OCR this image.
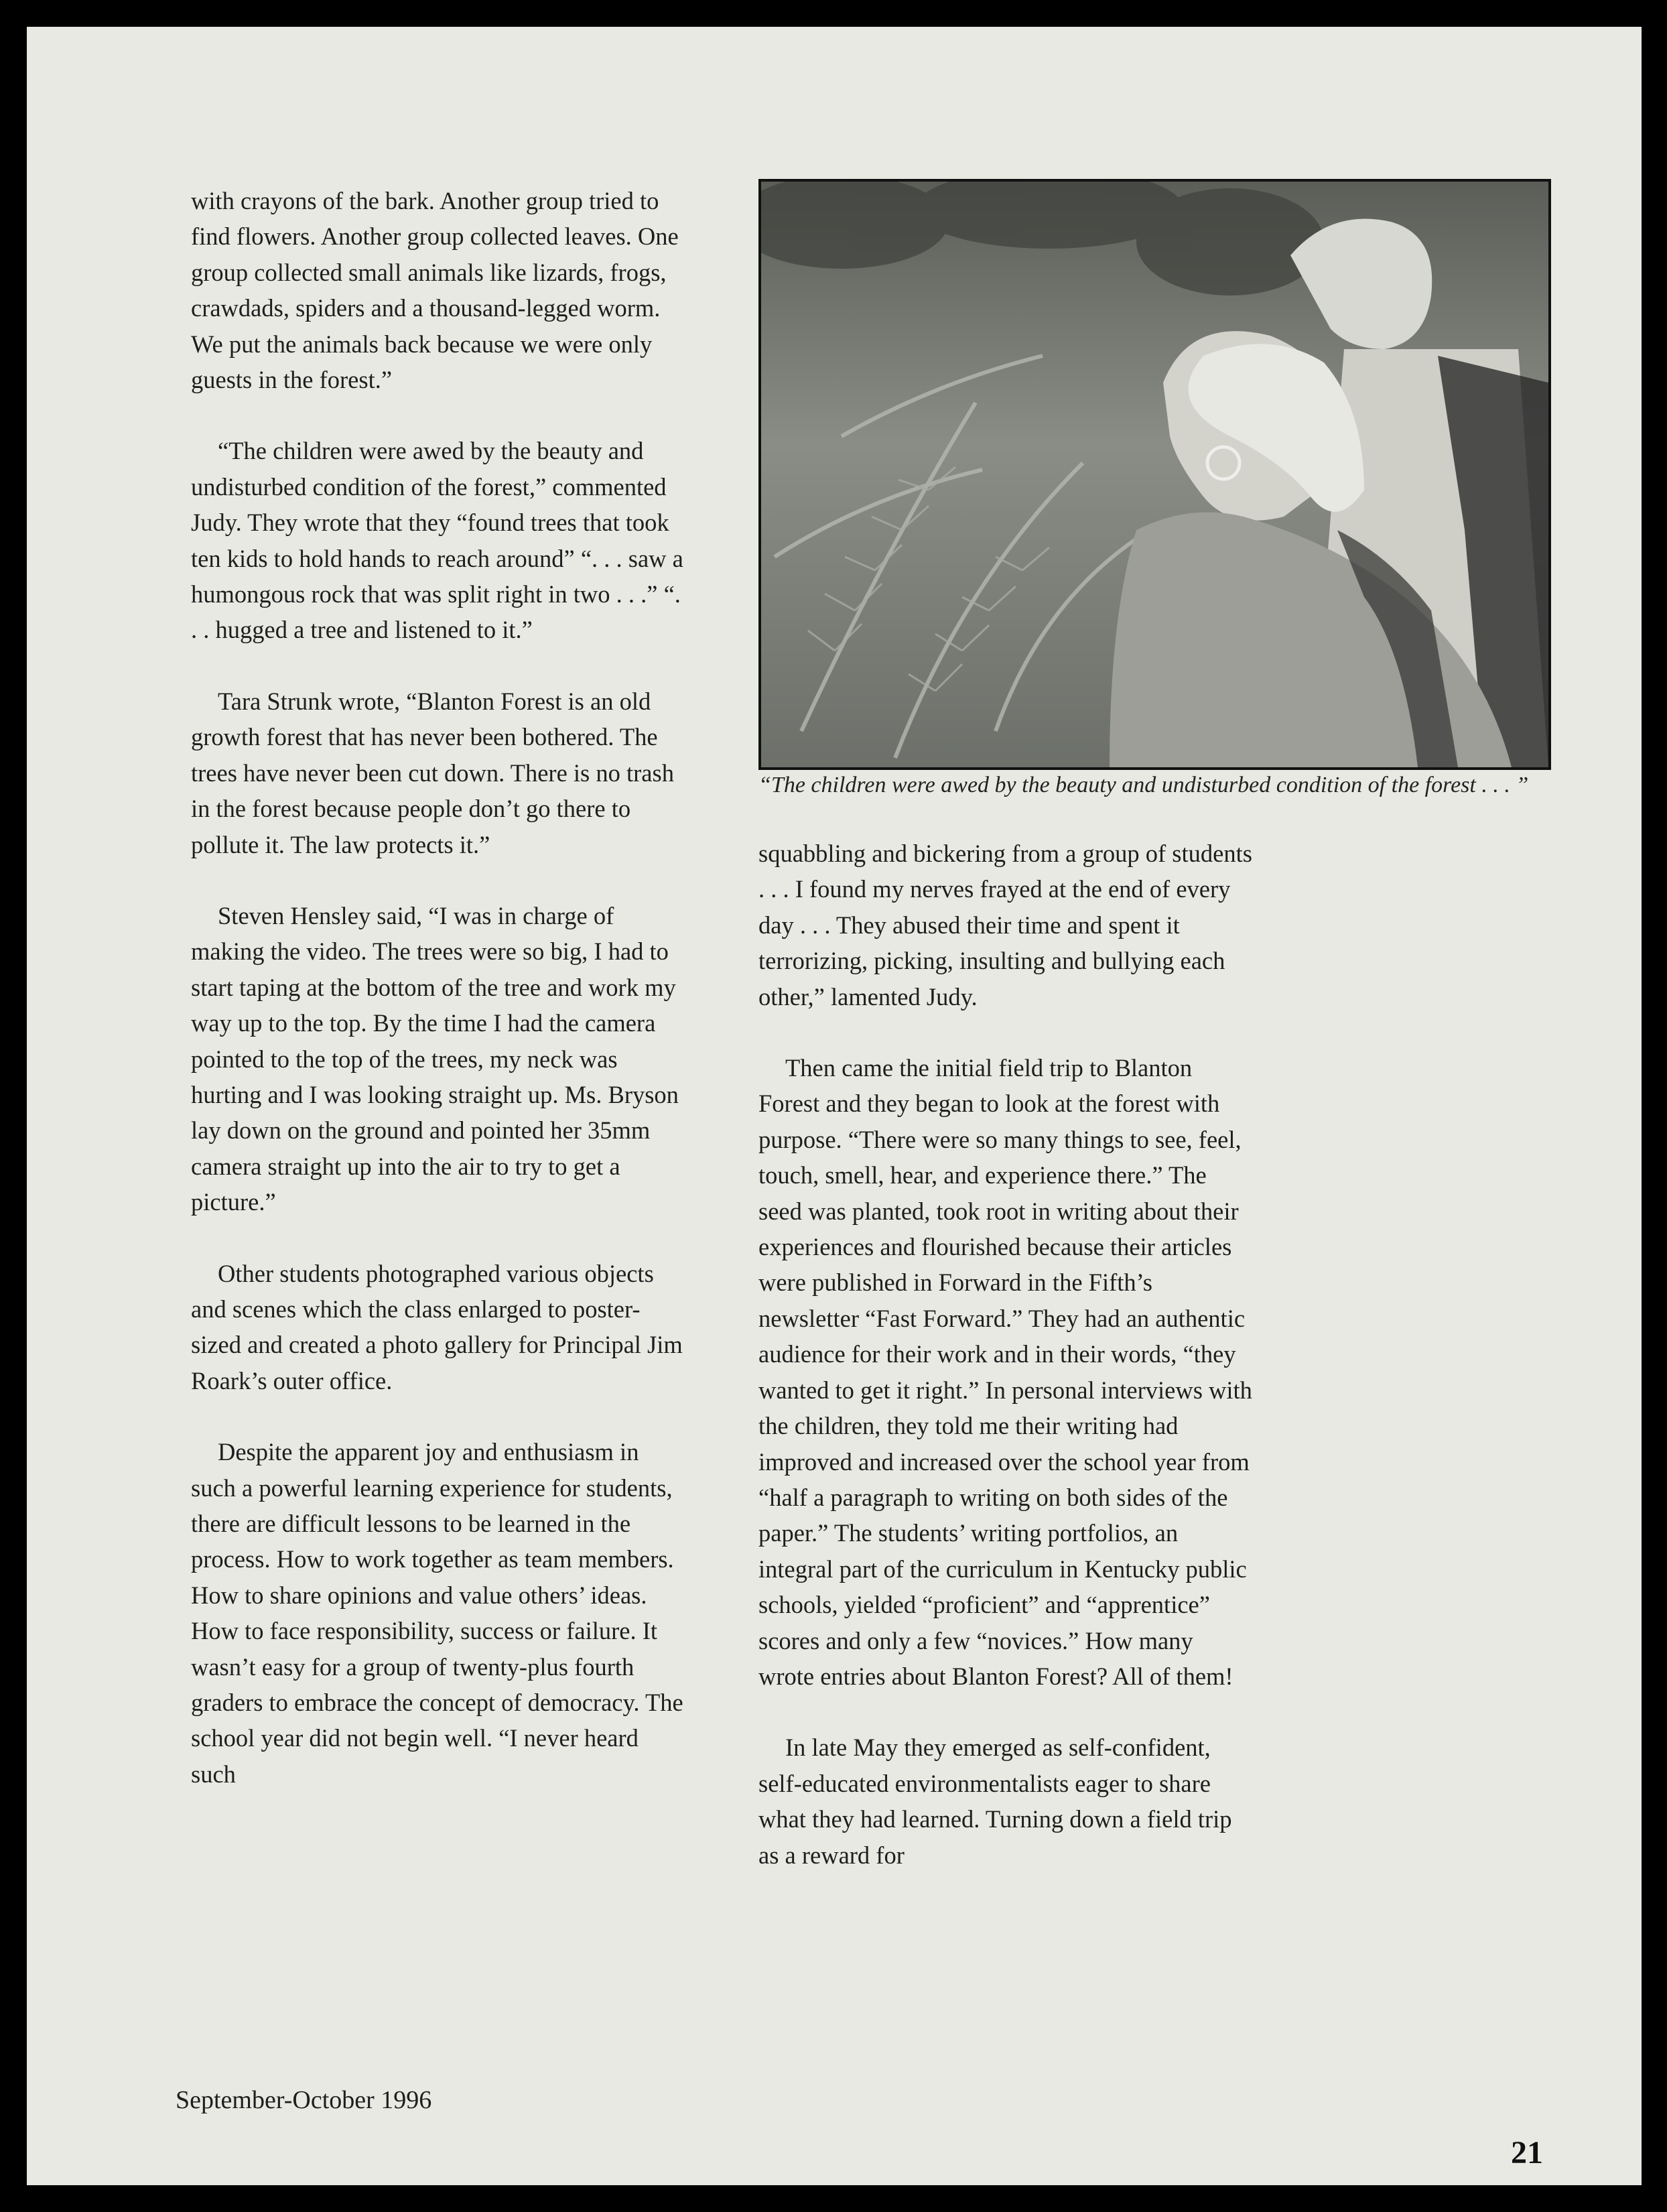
with crayons of the bark. Another group tried to find flowers. Another group collected leaves. One group collected small animals like lizards, frogs, crawdads, spiders and a thousand-legged worm. We put the animals back because we were only guests in the forest.”

“The children were awed by the beauty and undisturbed condition of the forest,” commented Judy. They wrote that they “found trees that took ten kids to hold hands to reach around” “. . . saw a humongous rock that was split right in two . . .” “. . . hugged a tree and listened to it.”

Tara Strunk wrote, “Blanton Forest is an old growth forest that has never been bothered. The trees have never been cut down. There is no trash in the forest because people don’t go there to pollute it. The law protects it.”

Steven Hensley said, “I was in charge of making the video. The trees were so big, I had to start taping at the bottom of the tree and work my way up to the top. By the time I had the camera pointed to the top of the trees, my neck was hurting and I was looking straight up. Ms. Bryson lay down on the ground and pointed her 35mm camera straight up into the air to try to get a picture.”

Other students photographed various objects and scenes which the class enlarged to poster-sized and created a photo gallery for Principal Jim Roark’s outer office.

Despite the apparent joy and enthusiasm in such a powerful learning experience for students, there are difficult lessons to be learned in the process. How to work together as team members. How to share opinions and value others’ ideas. How to face responsibility, success or failure. It wasn’t easy for a group of twenty-plus fourth graders to embrace the concept of democracy. The school year did not begin well. “I never heard such

“The children were awed by the beauty and undisturbed condition of the forest . . . ”

squabbling and bickering from a group of students . . . I found my nerves frayed at the end of every day . . . They abused their time and spent it terrorizing, picking, insulting and bullying each other,” lamented Judy.

Then came the initial field trip to Blanton Forest and they began to look at the forest with purpose. “There were so many things to see, feel, touch, smell, hear, and experience there.” The seed was planted, took root in writing about their experiences and flourished because their articles were published in Forward in the Fifth’s newsletter “Fast Forward.” They had an authentic audience for their work and in their words, “they wanted to get it right.” In personal interviews with the children, they told me their writing had improved and increased over the school year from “half a paragraph to writing on both sides of the paper.” The students’ writing portfolios, an integral part of the curriculum in Kentucky public schools, yielded “proficient” and “apprentice” scores and only a few “novices.” How many wrote entries about Blanton Forest? All of them!

In late May they emerged as self-confident, self-educated environmentalists eager to share what they had learned. Turning down a field trip as a reward for

September-October 1996
21
